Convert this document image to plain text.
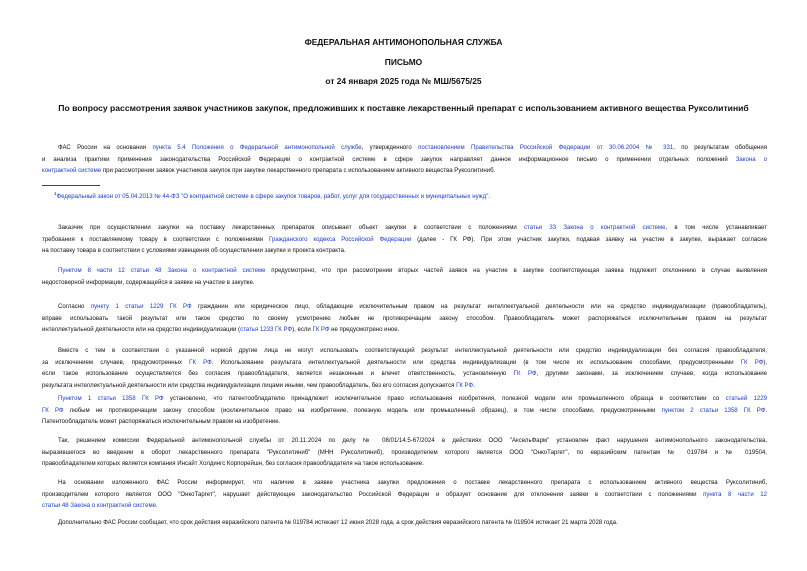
ФЕДЕРАЛЬНАЯ АНТИМОНОПОЛЬНАЯ СЛУЖБА
ПИСЬМО
от 24 января 2025 года № МШ/5675/25
По вопросу рассмотрения заявок участников закупок, предложивших к поставке лекарственный препарат с использованием активного вещества Руксолитиниб
ФАС России на основании пункта 5.4 Положения о Федеральной антимонопольной службе, утвержденного постановлением Правительства Российской Федерации от 30.06.2004 № 331, по результатам обобщения
и анализа практики применения законодательства Российской Федерации о контрактной системе в сфере закупок направляет данное информационное письмо о применении отдельных положений Закона о
контрактной системе при рассмотрении заявок участников закупок при закупке лекарственного препарата с использованием активного вещества Руксолитиниб.
$^1$Федеральный закон от 05.04.2013 № 44-ФЗ "О контрактной системе в сфере закупок товаров, работ, услуг для государственных и муниципальных нужд".
Заказчик при осуществлении закупки на поставку лекарственных препаратов описывает объект закупки в соответствии с положениями статьи 33 Закона о контрактной системе, в том числе устанавливает
требования к поставляемому товару в соответствии с положениями Гражданского кодекса Российской Федерации (далее - ГК РФ). При этом участник закупки, подавая заявку на участие в закупке, выражает согласие
на поставку товара в соответствии с условиями извещения об осуществлении закупки и проекта контракта.
Пунктом 8 части 12 статьи 48 Закона о контрактной системе предусмотрено, что при рассмотрении вторых частей заявок на участие в закупке соответствующая заявка подлежит отклонению в случае выявления
недостоверной информации, содержащейся в заявке на участие в закупке.
Согласно пункту 1 статьи 1229 ГК РФ гражданин или юридическое лицо, обладающие исключительным правом на результат интеллектуальной деятельности или на средство индивидуализации (правообладатель),
вправе использовать такой результат или такое средство по своему усмотрению любым не противоречащим закону способом. Правообладатель может распоряжаться исключительным правом на результат
интеллектуальной деятельности или на средство индивидуализации (статья 1233 ГК РФ), если ГК РФ не предусмотрено иное.
Вместе с тем в соответствии с указанной нормой другие лица не могут использовать соответствующий результат интеллектуальной деятельности или средство индивидуализации без согласия правообладателя,
за исключением случаев, предусмотренных ГК РФ. Использование результата интеллектуальной деятельности или средства индивидуализации (в том числе их использование способами, предусмотренными ГК РФ),
если такое использование осуществляется без согласия правообладателя, является незаконным и влечет ответственность, установленную ГК РФ, другими законами, за исключением случаев, когда использование
результата интеллектуальной деятельности или средства индивидуализации лицами иными, чем правообладатель, без его согласия допускается ГК РФ.
Пунктом 1 статьи 1358 ГК РФ установлено, что патентообладателю принадлежит исключительное право использования изобретения, полезной модели или промышленного образца в соответствии со статьей 1229
ГК РФ любым не противоречащим закону способом (исключительное право на изобретение, полезную модель или промышленный образец), в том числе способами, предусмотренными пунктом 2 статьи 1358 ГК РФ.
Патентообладатель может распоряжаться исключительным правом на изобретение.
Так, решением комиссии Федеральной антимонопольной службы от 20.11.2024 по делу № 08/01/14.5-67/2024 в действиях ООО "АксельФарм" установлен факт нарушения антимонопольного законодательства,
выразившегося во введении в оборот лекарственного препарата "Руксолитиниб" (МНН Руксолитиниб), производителем которого является ООО "ОнкоТаргет", по евразийским патентам № 019784 и № 019504,
правообладателем которых является компания Инсайт Холдингс Корпорейшн, без согласия правообладателя на такое использование.
На основании изложенного ФАС России информирует, что наличие в заявке участника закупки предложения о поставке лекарственного препарата с использованием активного вещества Руксолитиниб,
производителем которого является ООО "ОнкоТаргет", нарушает действующее законодательство Российской Федерации и образует основание для отклонения заявки в соответствии с положениями пункта 8 части 12
статьи 48 Закона о контрактной системе.
Дополнительно ФАС России сообщает, что срок действия евразийского патента № 019784 истекает 12 июня 2028 года, а срок действия евразийского патента № 019504 истекает 21 марта 2028 года.
